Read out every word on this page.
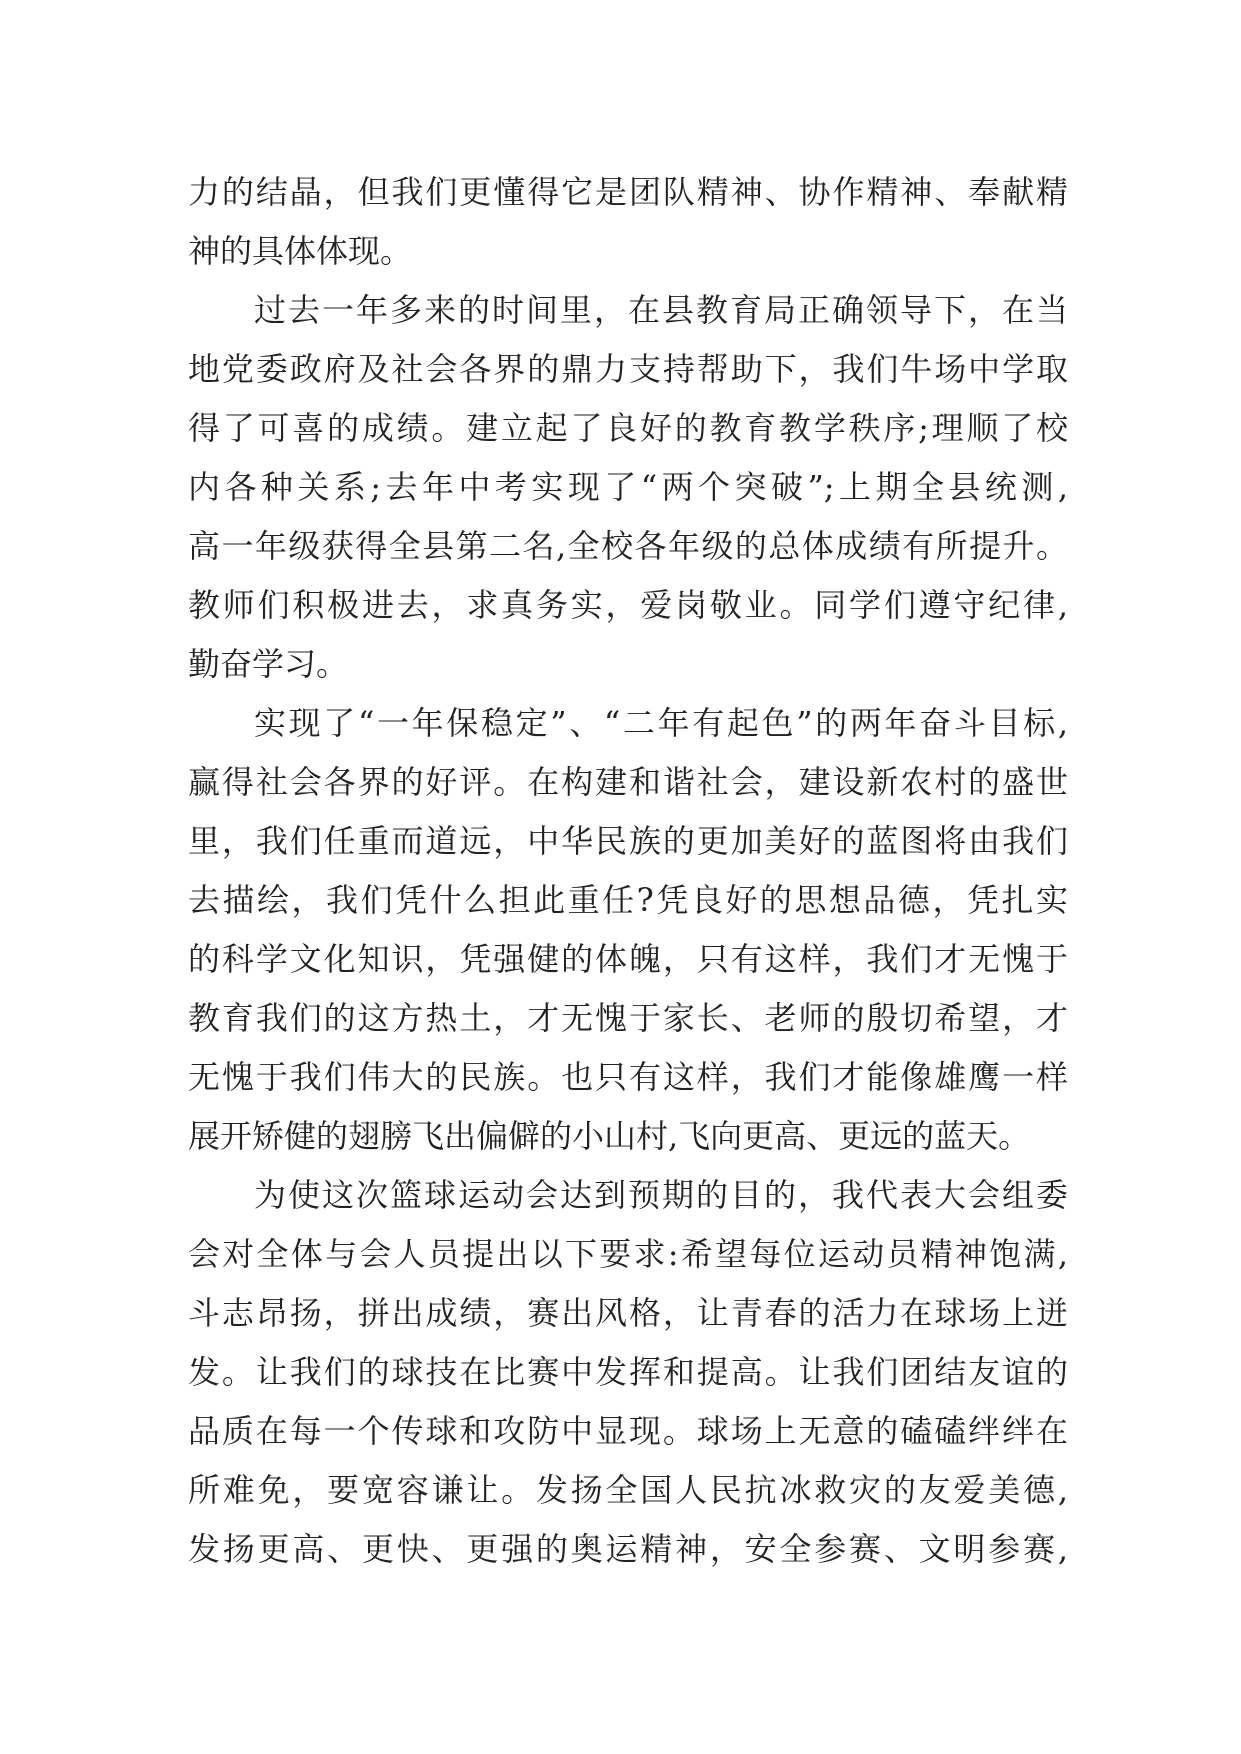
力的结晶，但我们更懂得它是团队精神、协作精神、奉献精
神的具体体现。
过去一年多来的时间里，在县教育局正确领导下，在当
地党委政府及社会各界的鼎力支持帮助下，我们牛场中学取
得了可喜的成绩。建立起了良好的教育教学秩序;理顺了校
内各种关系;去年中考实现了“两个突破”;上期全县统测,
高一年级获得全县第二名,全校各年级的总体成绩有所提升。
教师们积极进去，求真务实，爱岗敬业。同学们遵守纪律,
勤奋学习。
实现了“一年保稳定”、“二年有起色”的两年奋斗目标,
赢得社会各界的好评。在构建和谐社会，建设新农村的盛世
里，我们任重而道远，中华民族的更加美好的蓝图将由我们
去描绘，我们凭什么担此重任?凭良好的思想品德，凭扎实
的科学文化知识，凭强健的体魄，只有这样，我们才无愧于
教育我们的这方热土，才无愧于家长、老师的殷切希望，才
无愧于我们伟大的民族。也只有这样，我们才能像雄鹰一样
展开矫健的翅膀飞出偏僻的小山村,飞向更高、更远的蓝天。
为使这次篮球运动会达到预期的目的，我代表大会组委
会对全体与会人员提出以下要求:希望每位运动员精神饱满,
斗志昂扬，拼出成绩，赛出风格，让青春的活力在球场上迸
发。让我们的球技在比赛中发挥和提高。让我们团结友谊的
品质在每一个传球和攻防中显现。球场上无意的磕磕绊绊在
所难免，要宽容谦让。发扬全国人民抗冰救灾的友爱美德,
发扬更高、更快、更强的奥运精神，安全参赛、文明参赛,
